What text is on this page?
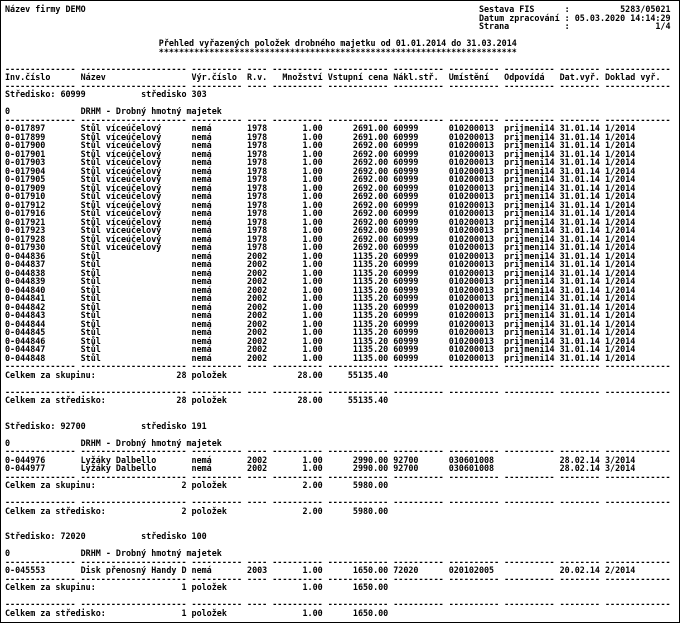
Název firmy DEMO	Sestava FIS	:	5283/05021
Datum zpracování : 05.03.2020 14:14:29
Strana	:	1/4
Přehled vyřazených položek drobného majetku od 01.01.2014 do 31.03.2014
***********************************************************************
-------------- --------------------- ---------- ---- ---------- ------------ ---------- ---------- ---------- -------- -------------
Inv.číslo      Název                 Výr.číslo  R.v.   Množství Vstupní cena Nákl.stř.  Umístění   Odpovídá   Dat.vyř. Doklad vyř.
-------------- --------------------- ---------- ---- ---------- ------------ ---------- ---------- ---------- -------- -------------
Středisko: 60999           středisko 303
0              DRHM - Drobný hmotný majetek
-------------- --------------------- ---------- ---- ---------- ------------ ---------- ---------- ---------- -------- -------------
0-017897       Stůl víceúčelový      nemá       1978       1.00      2691.00 60999      010200013  prijmeni14 31.01.14 1/2014
0-017899       Stůl víceúčelový      nemá       1978       1.00      2691.00 60999      010200013  prijmeni14 31.01.14 1/2014
0-017900       Stůl víceúčelový      nemá       1978       1.00      2692.00 60999      010200013  prijmeni14 31.01.14 1/2014
0-017901       Stůl víceúčelový      nemá       1978       1.00      2692.00 60999      010200013  prijmeni14 31.01.14 1/2014
0-017903       Stůl víceúčelový      nemá       1978       1.00      2692.00 60999      010200013  prijmeni14 31.01.14 1/2014
0-017904       Stůl víceúčelový      nemá       1978       1.00      2692.00 60999      010200013  prijmeni14 31.01.14 1/2014
0-017905       Stůl víceúčelový      nemá       1978       1.00      2692.00 60999      010200013  prijmeni14 31.01.14 1/2014
0-017909       Stůl víceúčelový      nemá       1978       1.00      2692.00 60999      010200013  prijmeni14 31.01.14 1/2014
0-017910       Stůl víceúčelový      nemá       1978       1.00      2692.00 60999      010200013  prijmeni14 31.01.14 1/2014
0-017912       Stůl víceúčelový      nemá       1978       1.00      2692.00 60999      010200013  prijmeni14 31.01.14 1/2014
0-017916       Stůl víceúčelový      nemá       1978       1.00      2692.00 60999      010200013  prijmeni14 31.01.14 1/2014
0-017921       Stůl víceúčelový      nemá       1978       1.00      2692.00 60999      010200013  prijmeni14 31.01.14 1/2014
0-017923       Stůl víceúčelový      nemá       1978       1.00      2692.00 60999      010200013  prijmeni14 31.01.14 1/2014
0-017928       Stůl víceúčelový      nemá       1978       1.00      2692.00 60999      010200013  prijmeni14 31.01.14 1/2014
0-017930       Stůl víceúčelový      nemá       1978       1.00      2692.00 60999      010200013  prijmeni14 31.01.14 1/2014
0-044836       Stůl                  nemá       2002       1.00      1135.20 60999      010200013  prijmeni14 31.01.14 1/2014
0-044837       Stůl                  nemá       2002       1.00      1135.20 60999      010200013  prijmeni14 31.01.14 1/2014
0-044838       Stůl                  nemá       2002       1.00      1135.20 60999      010200013  prijmeni14 31.01.14 1/2014
0-044839       Stůl                  nemá       2002       1.00      1135.20 60999      010200013  prijmeni14 31.01.14 1/2014
0-044840       Stůl                  nemá       2002       1.00      1135.20 60999      010200013  prijmeni14 31.01.14 1/2014
0-044841       Stůl                  nemá       2002       1.00      1135.20 60999      010200013  prijmeni14 31.01.14 1/2014
0-044842       Stůl                  nemá       2002       1.00      1135.20 60999      010200013  prijmeni14 31.01.14 1/2014
0-044843       Stůl                  nemá       2002       1.00      1135.20 60999      010200013  prijmeni14 31.01.14 1/2014
0-044844       Stůl                  nemá       2002       1.00      1135.20 60999      010200013  prijmeni14 31.01.14 1/2014
0-044845       Stůl                  nemá       2002       1.00      1135.20 60999      010200013  prijmeni14 31.01.14 1/2014
0-044846       Stůl                  nemá       2002       1.00      1135.20 60999      010200013  prijmeni14 31.01.14 1/2014
0-044847       Stůl                  nemá       2002       1.00      1135.20 60999      010200013  prijmeni14 31.01.14 1/2014
0-044848       Stůl                  nemá       2002       1.00      1135.00 60999      010200013  prijmeni14 31.01.14 1/2014
-------------- --------------------- ---------- ---- ---------- ------------ ---------- ---------- ---------- -------- -------------
Celkem za skupinu:                28 položek              28.00     55135.40
-------------- --------------------- ---------- ---- ---------- ------------ ---------- ---------- ---------- -------- -------------
Celkem za středisko:              28 položek              28.00     55135.40
Středisko: 92700           středisko 191
0              DRHM - Drobný hmotný majetek
-------------- --------------------- ---------- ---- ---------- ------------ ---------- ---------- ---------- -------- -------------
0-044976       Lyžáky Dalbello       nemá       2002       1.00      2990.00 92700      030601008             28.02.14 3/2014
0-044977       Lyžáky Dalbello       nemá       2002       1.00      2990.00 92700      030601008             28.02.14 3/2014
-------------- --------------------- ---------- ---- ---------- ------------ ---------- ---------- ---------- -------- -------------
Celkem za skupinu:                 2 položek               2.00      5980.00
-------------- --------------------- ---------- ---- ---------- ------------ ---------- ---------- ---------- -------- -------------
Celkem za středisko:               2 položek               2.00      5980.00
Středisko: 72020           středisko 100
0              DRHM - Drobný hmotný majetek
-------------- --------------------- ---------- ---- ---------- ------------ ---------- ---------- ---------- -------- -------------
0-045553       Disk přenosný Handy D nemá       2003       1.00      1650.00 72020      020102005             20.02.14 2/2014
-------------- --------------------- ---------- ---- ---------- ------------ ---------- ---------- ---------- -------- -------------
Celkem za skupinu:                 1 položek               1.00      1650.00
-------------- --------------------- ---------- ---- ---------- ------------ ---------- ---------- ---------- -------- -------------
Celkem za středisko:               1 položek               1.00      1650.00
